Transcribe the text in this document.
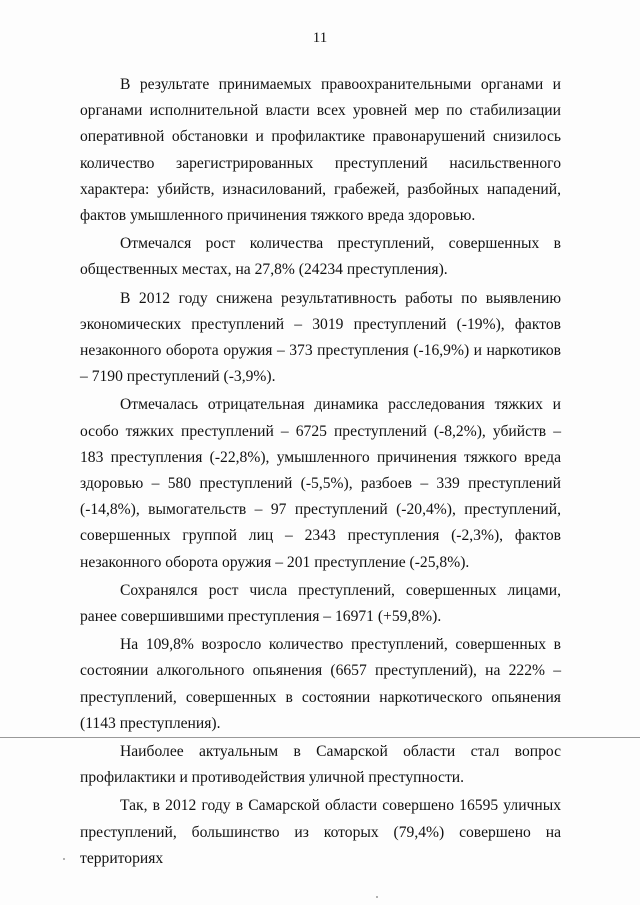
11

В результате принимаемых правоохранительными органами и органами исполнительной власти всех уровней мер по стабилизации оперативной обстановки и профилактике правонарушений снизилось количество зарегистрированных преступлений насильственного характера: убийств, изнасилований, грабежей, разбойных нападений, фактов умышленного причинения тяжкого вреда здоровью.

Отмечался рост количества преступлений, совершенных в общественных местах, на 27,8% (24234 преступления).

В 2012 году снижена результативность работы по выявлению экономических преступлений – 3019 преступлений (-19%), фактов незаконного оборота оружия – 373 преступления (-16,9%) и наркотиков – 7190 преступлений (-3,9%).

Отмечалась отрицательная динамика расследования тяжких и особо тяжких преступлений – 6725 преступлений (-8,2%), убийств – 183 преступления (-22,8%), умышленного причинения тяжкого вреда здоровью – 580 преступлений (-5,5%), разбоев – 339 преступлений (-14,8%), вымогательств – 97 преступлений (-20,4%), преступлений, совершенных группой лиц – 2343 преступления (-2,3%), фактов незаконного оборота оружия – 201 преступление (-25,8%).

Сохранялся рост числа преступлений, совершенных лицами, ранее совершившими преступления – 16971 (+59,8%).

На 109,8% возросло количество преступлений, совершенных в состоянии алкогольного опьянения (6657 преступлений), на 222% – преступлений, совершенных в состоянии наркотического опьянения (1143 преступления).

Наиболее актуальным в Самарской области стал вопрос профилактики и противодействия уличной преступности.

Так, в 2012 году в Самарской области совершено 16595 уличных преступлений, большинство из которых (79,4%) совершено на территориях
